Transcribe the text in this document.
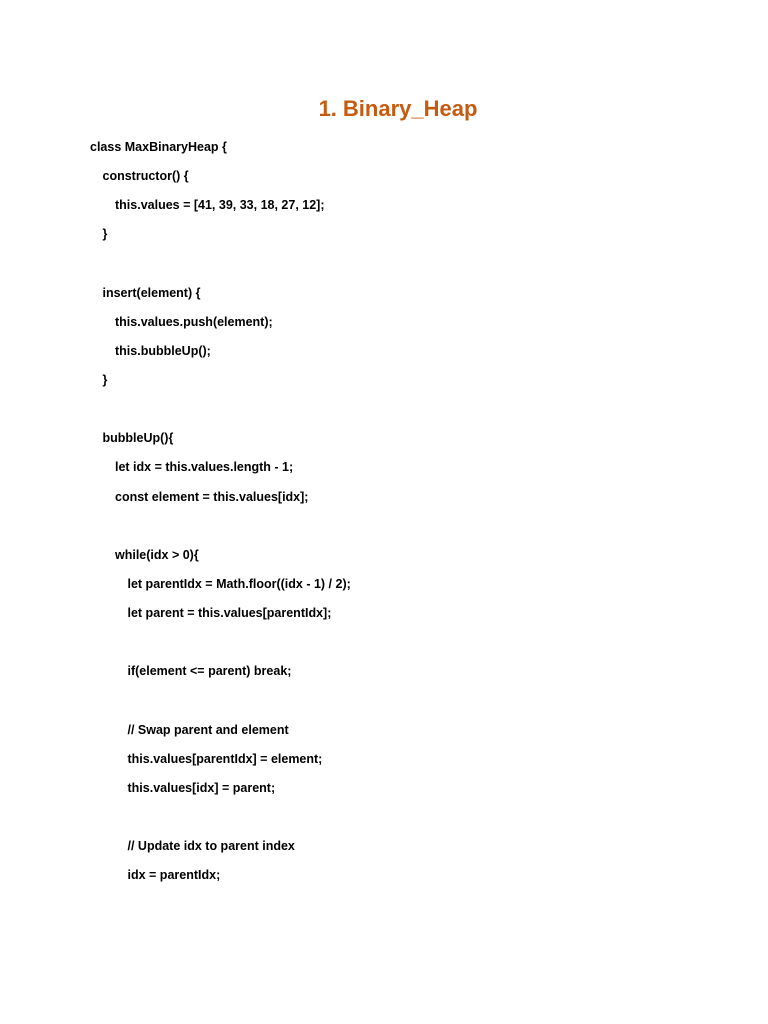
1. Binary_Heap
class MaxBinaryHeap {
constructor() {
this.values = [41, 39, 33, 18, 27, 12];
}
insert(element) {
this.values.push(element);
this.bubbleUp();
}
bubbleUp(){
let idx = this.values.length - 1;
const element = this.values[idx];
while(idx > 0){
let parentIdx = Math.floor((idx - 1) / 2);
let parent = this.values[parentIdx];
if(element <= parent) break;
// Swap parent and element
this.values[parentIdx] = element;
this.values[idx] = parent;
// Update idx to parent index
idx = parentIdx;
